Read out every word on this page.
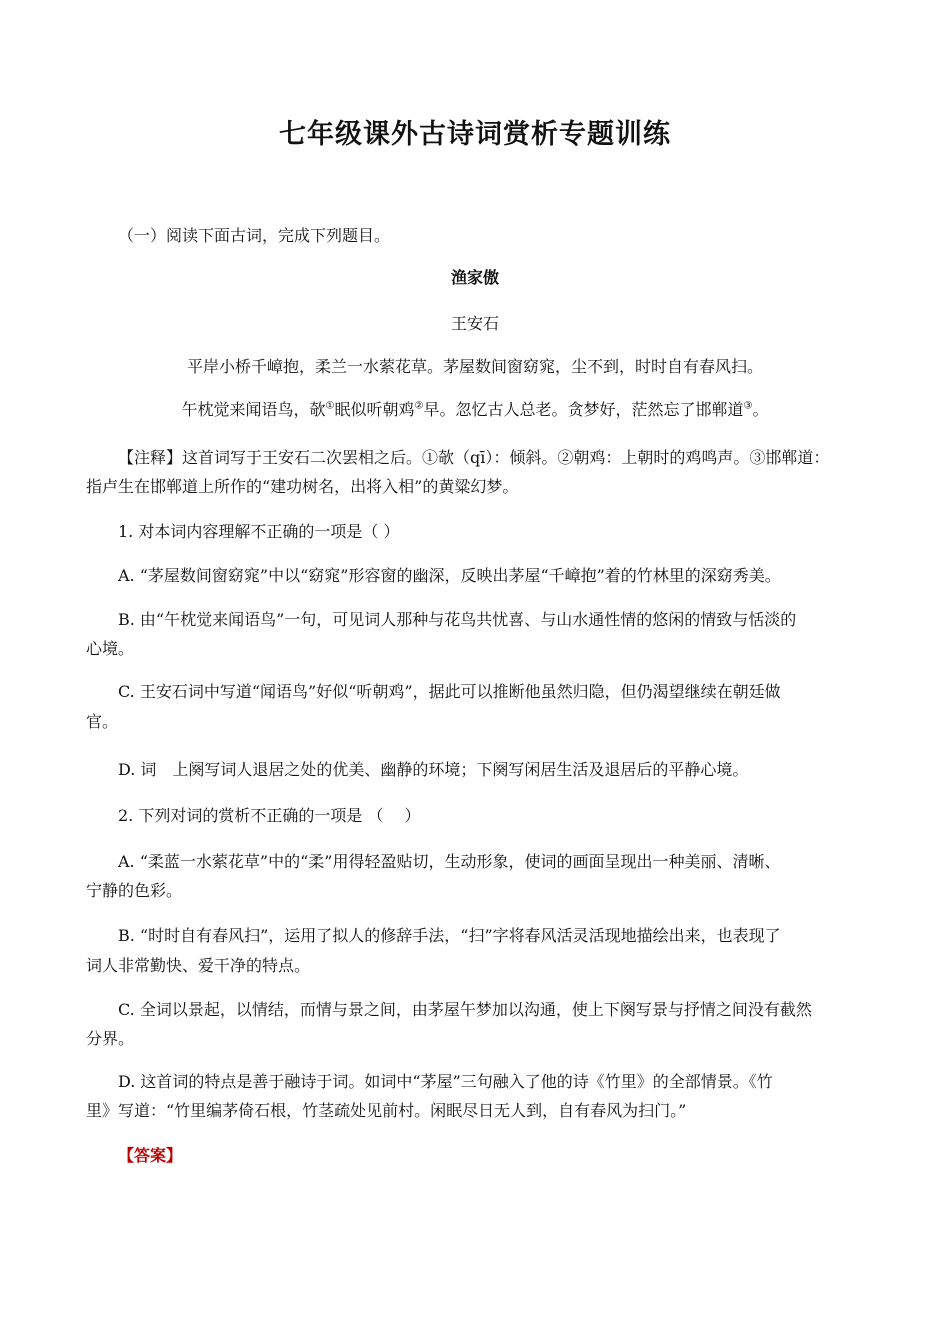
七年级课外古诗词赏析专题训练
（一）阅读下面古词，完成下列题目。
渔家傲
王安石
平岸小桥千嶂抱，柔兰一水萦花草。茅屋数间窗窈窕，尘不到，时时自有春风扫。
午枕觉来闻语鸟，欹①眠似听朝鸡②早。忽忆古人总老。贪梦好，茫然忘了邯郸道③。
【注释】这首词写于王安石二次罢相之后。①欹（qī）：倾斜。②朝鸡：上朝时的鸡鸣声。③邯郸道：
指卢生在邯郸道上所作的“建功树名，出将入相”的黄粱幻梦。
1. 对本词内容理解不正确的一项是（ ）
A. “茅屋数间窗窈窕”中以“窈窕”形容窗的幽深，反映出茅屋“千嶂抱”着的竹林里的深窈秀美。
B. 由“午枕觉来闻语鸟”一句，可见词人那种与花鸟共忧喜、与山水通性情的悠闲的情致与恬淡的
心境。
C. 王安石词中写道“闻语鸟”好似“听朝鸡”，据此可以推断他虽然归隐，但仍渴望继续在朝廷做
官。
D. 词　上阕写词人退居之处的优美、幽静的环境；下阕写闲居生活及退居后的平静心境。
2. 下列对词的赏析不正确的一项是 （　 ）
A. “柔蓝一水萦花草”中的“柔”用得轻盈贴切，生动形象，使词的画面呈现出一种美丽、清晰、
宁静的色彩。
B. “时时自有春风扫”，运用了拟人的修辞手法，“扫”字将春风活灵活现地描绘出来，也表现了
词人非常勤快、爱干净的特点。
C. 全词以景起，以情结，而情与景之间，由茅屋午梦加以沟通，使上下阕写景与抒情之间没有截然
分界。
D. 这首词的特点是善于融诗于词。如词中“茅屋”三句融入了他的诗《竹里》的全部情景。《竹
里》写道：“竹里编茅倚石根，竹茎疏处见前村。闲眠尽日无人到，自有春风为扫门。”
【答案】
